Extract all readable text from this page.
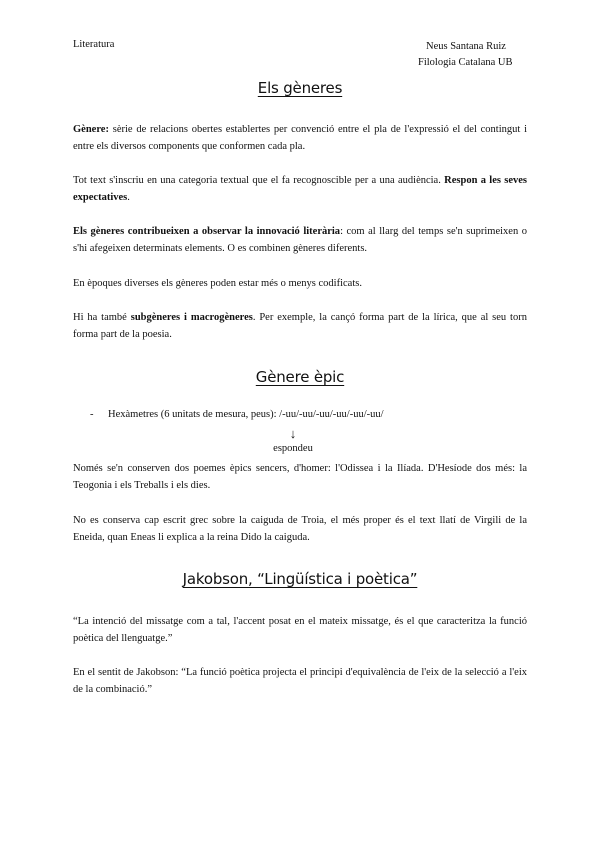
Literatura	Neus Santana Ruiz
Filologia Catalana UB
Els gèneres
Gènere: sèrie de relacions obertes establertes per convenció entre el pla de l'expressió el del contingut i entre els diversos components que conformen cada pla.
Tot text s'inscriu en una categoria textual que el fa recognoscible per a una audiència. Respon a les seves expectatives.
Els gèneres contribueixen a observar la innovació literària: com al llarg del temps se'n suprimeixen o s'hi afegeixen determinats elements. O es combinen gèneres diferents.
En èpoques diverses els gèneres poden estar més o menys codificats.
Hi ha també subgèneres i macrogèneres. Per exemple, la cançó forma part de la lírica, que al seu torn forma part de la poesia.
Gènere èpic
- Hexàmetres (6 unitats de mesura, peus): /-uu/-uu/-uu/-uu/-uu/-uu/
↓
espondeu
Només se'n conserven dos poemes èpics sencers, d'homer: l'Odissea i la Ilíada. D'Hesíode dos més: la Teogonia i els Treballs i els dies.
No es conserva cap escrit grec sobre la caiguda de Troia, el més proper és el text llatí de Virgili de la Eneida, quan Eneas li explica a la reina Dido la caiguda.
Jakobson, “Lingüística i poètica”
“La intenció del missatge com a tal, l'accent posat en el mateix missatge, és el que caracteritza la funció poètica del llenguatge.”
En el sentit de Jakobson: “La funció poètica projecta el principi d'equivalència de l'eix de la selecció a l'eix de la combinació.”
